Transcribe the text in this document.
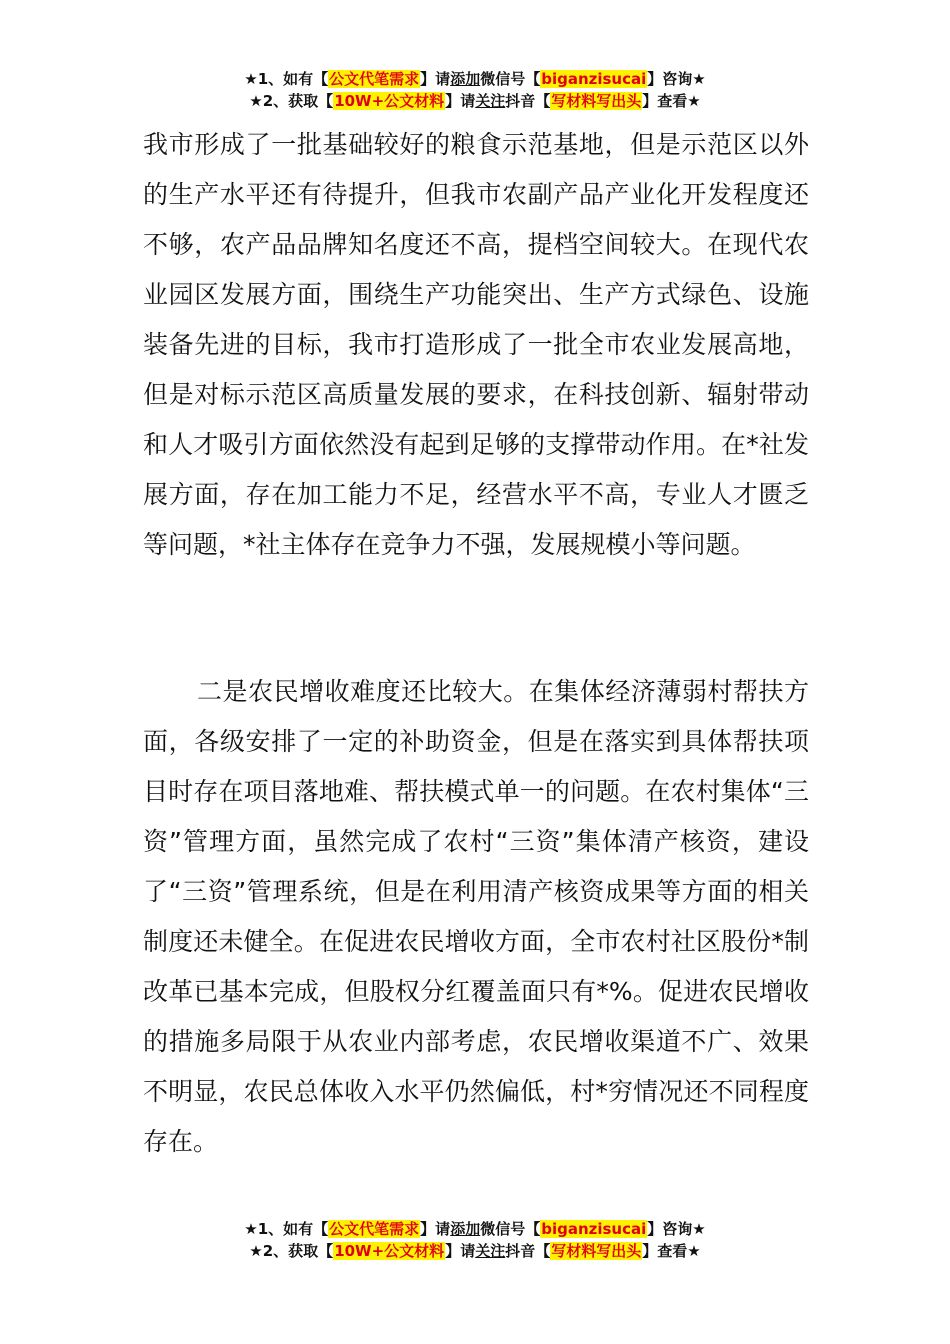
★1、如有【公文代笔需求】请添加微信号【biganzisucai】咨询★
★2、获取【10W+公文材料】请关注抖音【写材料写出头】查看★

我市形成了一批基础较好的粮食示范基地，但是示范区以外的生产水平还有待提升，但我市农副产品产业化开发程度还不够，农产品品牌知名度还不高，提档空间较大。在现代农业园区发展方面，围绕生产功能突出、生产方式绿色、设施装备先进的目标，我市打造形成了一批全市农业发展高地，但是对标示范区高质量发展的要求，在科技创新、辐射带动和人才吸引方面依然没有起到足够的支撑带动作用。在*社发展方面，存在加工能力不足，经营水平不高，专业人才匮乏等问题，*社主体存在竞争力不强，发展规模小等问题。

二是农民增收难度还比较大。在集体经济薄弱村帮扶方面，各级安排了一定的补助资金，但是在落实到具体帮扶项目时存在项目落地难、帮扶模式单一的问题。在农村集体“三资”管理方面，虽然完成了农村“三资”集体清产核资，建设了“三资”管理系统，但是在利用清产核资成果等方面的相关制度还未健全。在促进农民增收方面，全市农村社区股份*制改革已基本完成，但股权分红覆盖面只有*%。促进农民增收的措施多局限于从农业内部考虑，农民增收渠道不广、效果不明显，农民总体收入水平仍然偏低，村*穷情况还不同程度存在。

★1、如有【公文代笔需求】请添加微信号【biganzisucai】咨询★
★2、获取【10W+公文材料】请关注抖音【写材料写出头】查看★
